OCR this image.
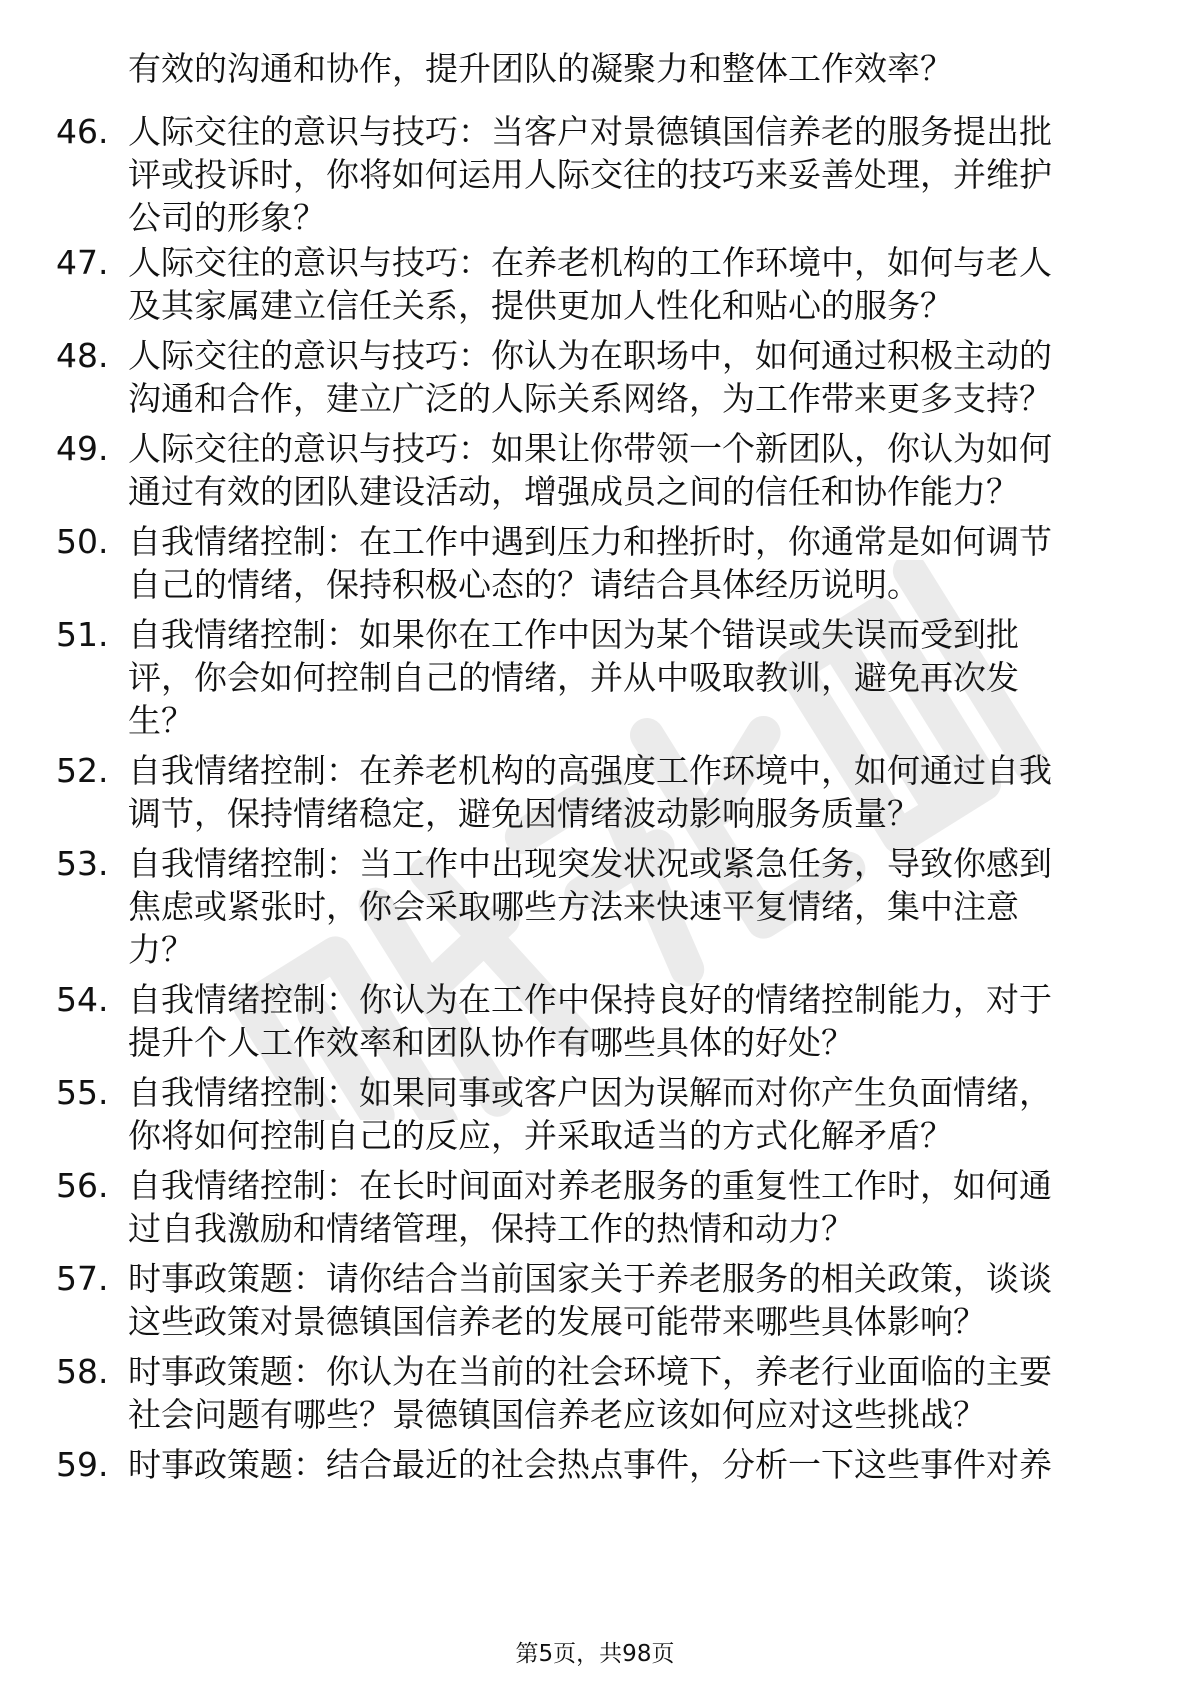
有效的沟通和协作，提升团队的凝聚力和整体工作效率？
46. 人际交往的意识与技巧：当客户对景德镇国信养老的服务提出批
评或投诉时，你将如何运用人际交往的技巧来妥善处理，并维护
公司的形象？
47. 人际交往的意识与技巧：在养老机构的工作环境中，如何与老人
及其家属建立信任关系，提供更加人性化和贴心的服务？
48. 人际交往的意识与技巧：你认为在职场中，如何通过积极主动的
沟通和合作，建立广泛的人际关系网络，为工作带来更多支持？
49. 人际交往的意识与技巧：如果让你带领一个新团队，你认为如何
通过有效的团队建设活动，增强成员之间的信任和协作能力？
50. 自我情绪控制：在工作中遇到压力和挫折时，你通常是如何调节
自己的情绪，保持积极心态的？请结合具体经历说明。
51. 自我情绪控制：如果你在工作中因为某个错误或失误而受到批
评，你会如何控制自己的情绪，并从中吸取教训，避免再次发
生？
52. 自我情绪控制：在养老机构的高强度工作环境中，如何通过自我
调节，保持情绪稳定，避免因情绪波动影响服务质量？
53. 自我情绪控制：当工作中出现突发状况或紧急任务，导致你感到
焦虑或紧张时，你会采取哪些方法来快速平复情绪，集中注意
力？
54. 自我情绪控制：你认为在工作中保持良好的情绪控制能力，对于
提升个人工作效率和团队协作有哪些具体的好处？
55. 自我情绪控制：如果同事或客户因为误解而对你产生负面情绪，
你将如何控制自己的反应，并采取适当的方式化解矛盾？
56. 自我情绪控制：在长时间面对养老服务的重复性工作时，如何通
过自我激励和情绪管理，保持工作的热情和动力？
57. 时事政策题：请你结合当前国家关于养老服务的相关政策，谈谈
这些政策对景德镇国信养老的发展可能带来哪些具体影响？
58. 时事政策题：你认为在当前的社会环境下，养老行业面临的主要
社会问题有哪些？景德镇国信养老应该如何应对这些挑战？
59. 时事政策题：结合最近的社会热点事件，分析一下这些事件对养
第5页，共98页
